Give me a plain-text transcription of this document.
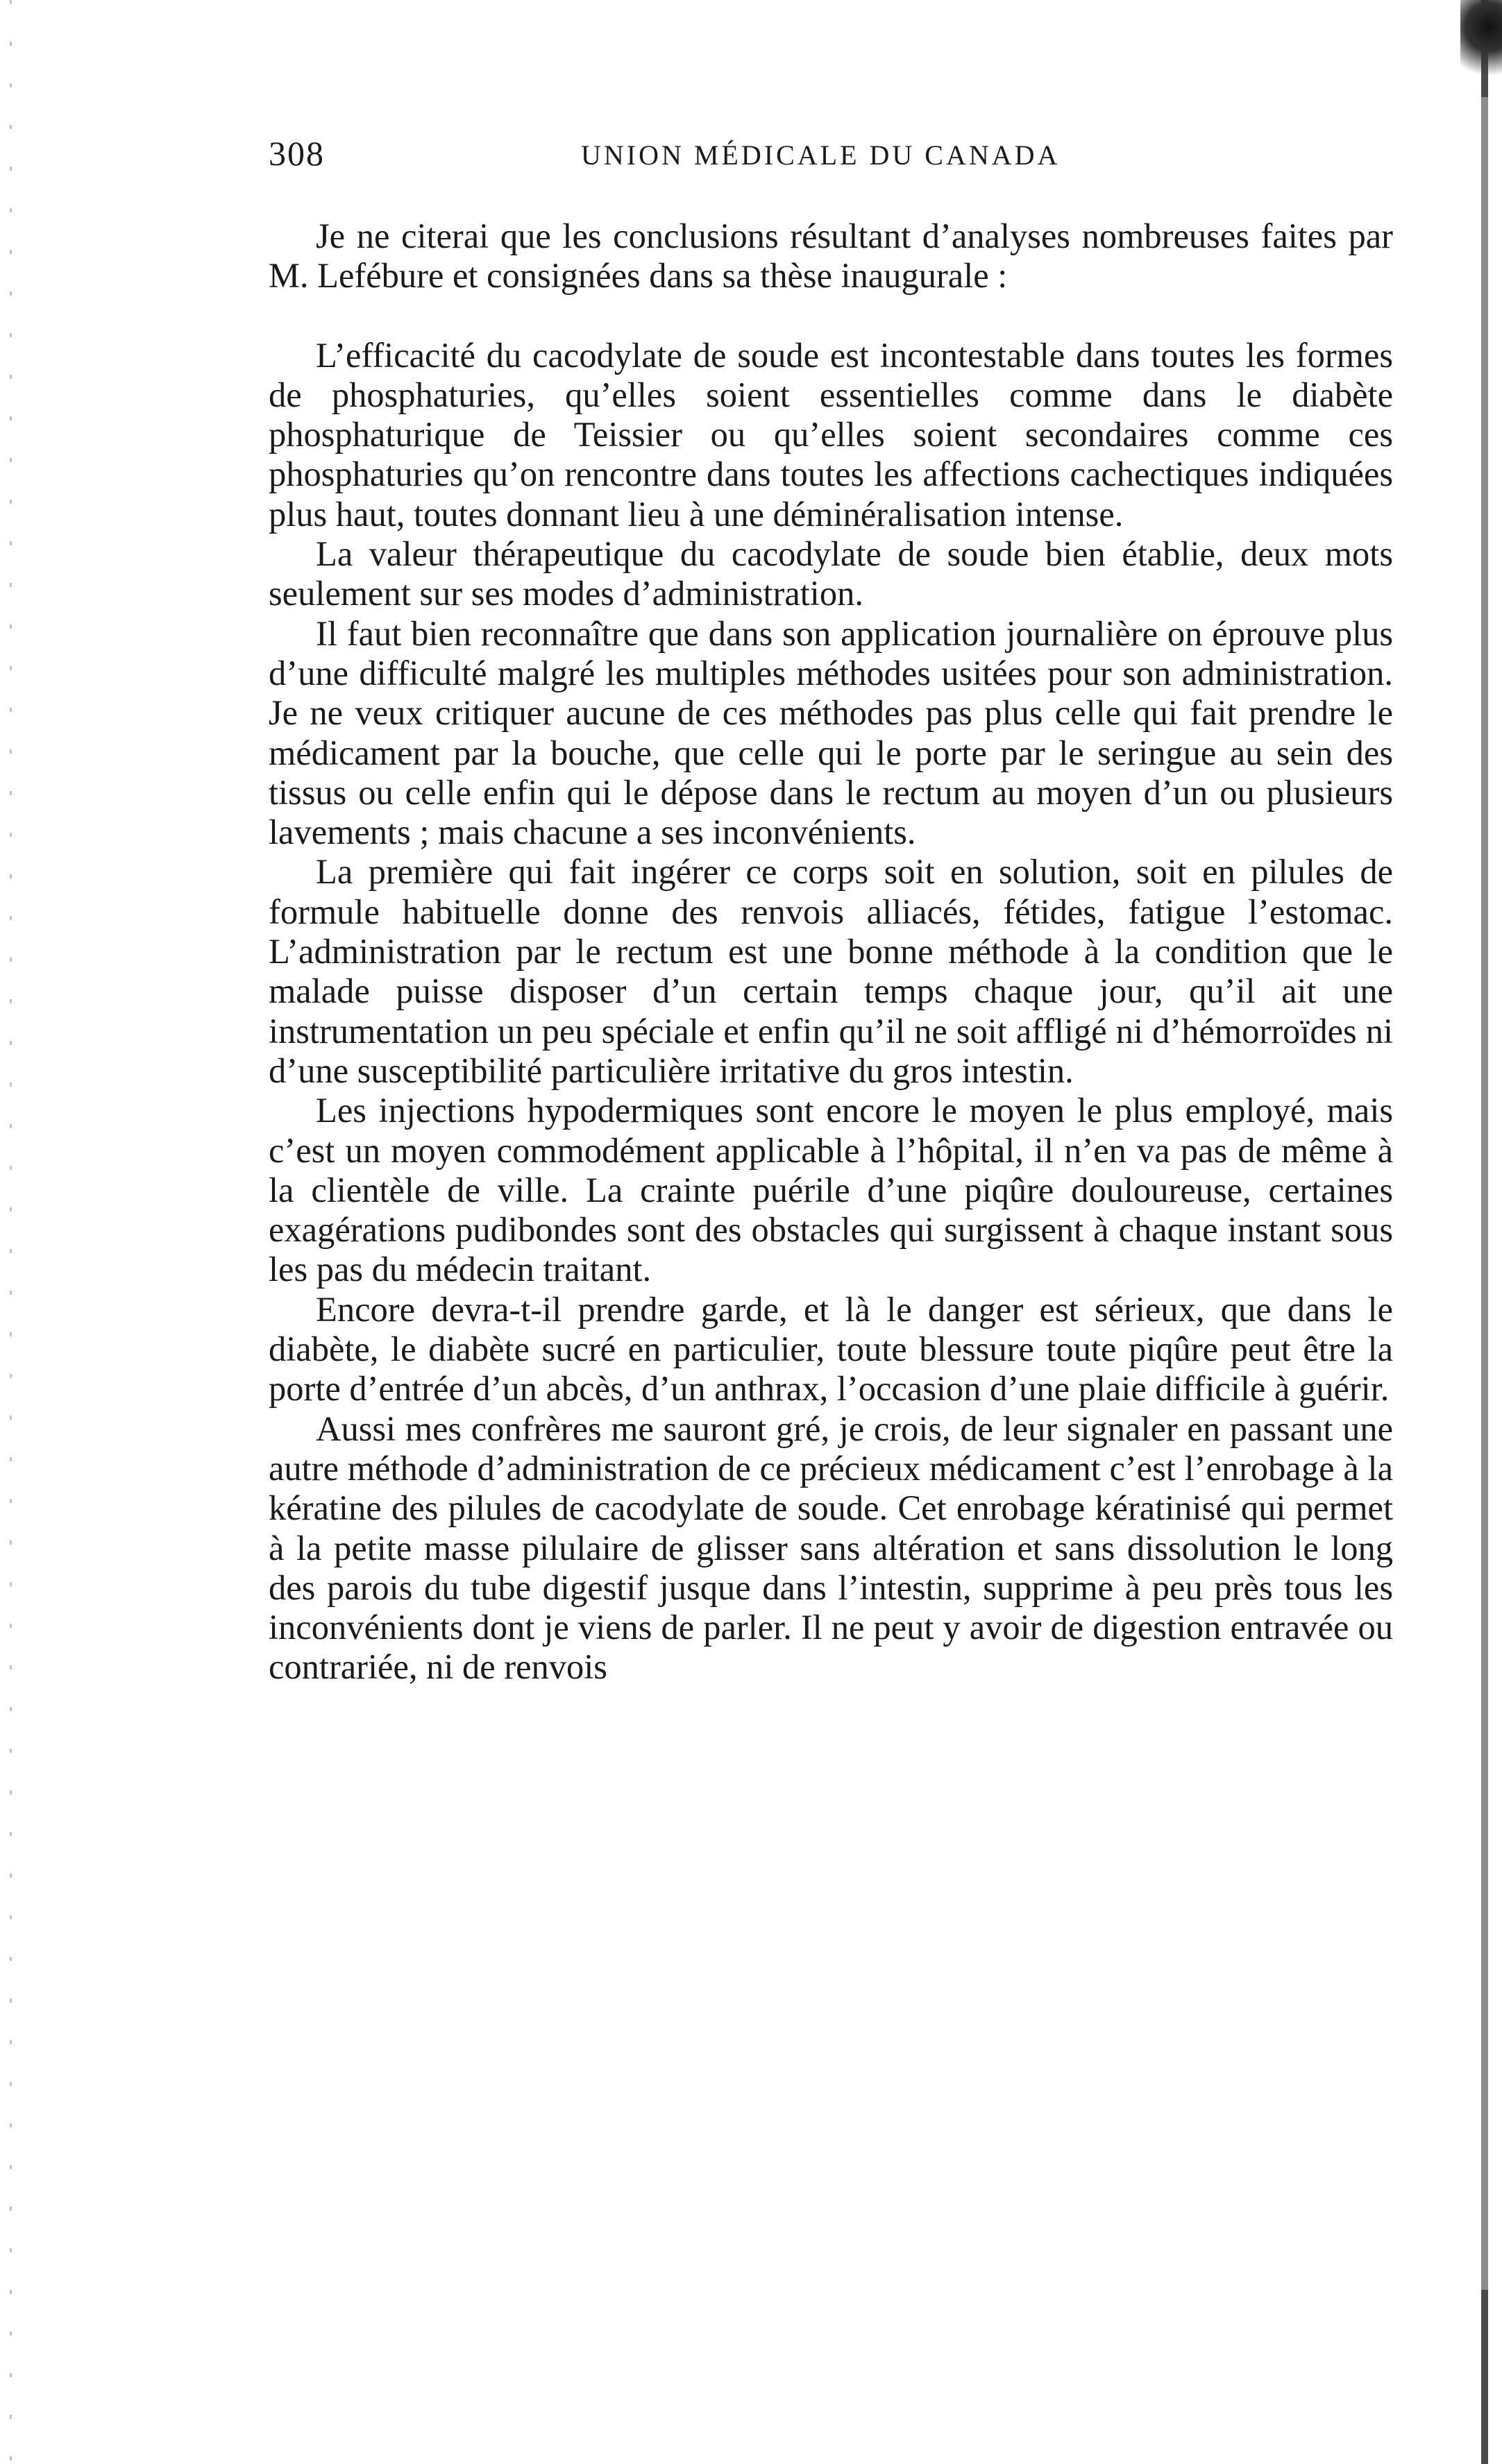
308	UNION MÉDICALE DU CANADA

Je ne citerai que les conclusions résultant d’analyses nombreuses faites par M. Lefébure et consignées dans sa thèse inaugurale :

L’efficacité du cacodylate de soude est incontestable dans toutes les formes de phosphaturies, qu’elles soient essentielles comme dans le diabète phosphaturique de Teissier ou qu’elles soient secondaires comme ces phosphaturies qu’on rencontre dans toutes les affections cachectiques indiquées plus haut, toutes donnant lieu à une déminéralisation intense.

La valeur thérapeutique du cacodylate de soude bien établie, deux mots seulement sur ses modes d’administration.

Il faut bien reconnaître que dans son application journalière on éprouve plus d’une difficulté malgré les multiples méthodes usitées pour son administration. Je ne veux critiquer aucune de ces méthodes pas plus celle qui fait prendre le médicament par la bouche, que celle qui le porte par le seringue au sein des tissus ou celle enfin qui le dépose dans le rectum au moyen d’un ou plusieurs lavements ; mais chacune a ses inconvénients.

La première qui fait ingérer ce corps soit en solution, soit en pilules de formule habituelle donne des renvois alliacés, fétides, fatigue l’estomac. L’administration par le rectum est une bonne méthode à la condition que le malade puisse disposer d’un certain temps chaque jour, qu’il ait une instrumentation un peu spéciale et enfin qu’il ne soit affligé ni d’hémorroïdes ni d’une susceptibilité particulière irritative du gros intestin.

Les injections hypodermiques sont encore le moyen le plus employé, mais c’est un moyen commodément applicable à l’hôpital, il n’en va pas de même à la clientèle de ville. La crainte puérile d’une piqûre douloureuse, certaines exagérations pudibondes sont des obstacles qui surgissent à chaque instant sous les pas du médecin traitant.

Encore devra-t-il prendre garde, et là le danger est sérieux, que dans le diabète, le diabète sucré en particulier, toute blessure toute piqûre peut être la porte d’entrée d’un abcès, d’un anthrax, l’occasion d’une plaie difficile à guérir.

Aussi mes confrères me sauront gré, je crois, de leur signaler en passant une autre méthode d’administration de ce précieux médicament c’est l’enrobage à la kératine des pilules de cacodylate de soude. Cet enrobage kératinisé qui permet à la petite masse pilulaire de glisser sans altération et sans dissolution le long des parois du tube digestif jusque dans l’intestin, supprime à peu près tous les inconvénients dont je viens de parler. Il ne peut y avoir de digestion entravée ou contrariée, ni de renvois
